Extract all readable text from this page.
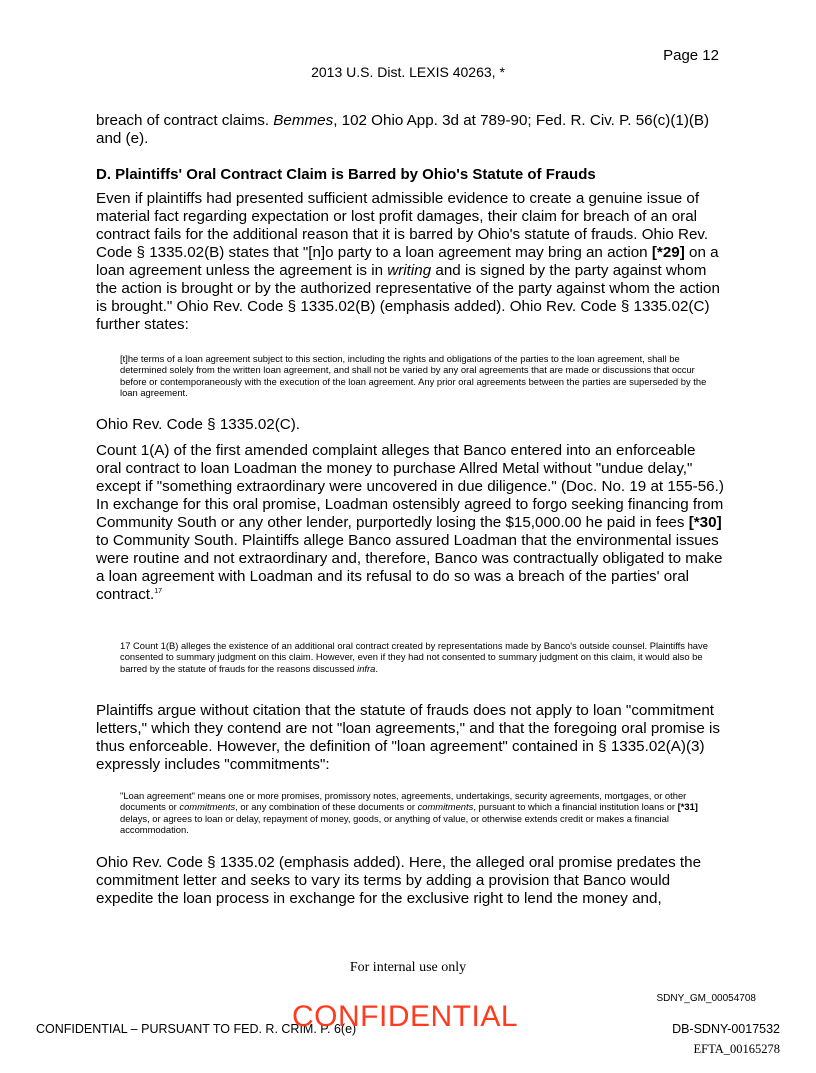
Page 12
2013 U.S. Dist. LEXIS 40263, *
breach of contract claims. Bemmes, 102 Ohio App. 3d at 789-90; Fed. R. Civ. P. 56(c)(1)(B) and (e).
D. Plaintiffs' Oral Contract Claim is Barred by Ohio's Statute of Frauds
Even if plaintiffs had presented sufficient admissible evidence to create a genuine issue of material fact regarding expectation or lost profit damages, their claim for breach of an oral contract fails for the additional reason that it is barred by Ohio's statute of frauds. Ohio Rev. Code § 1335.02(B) states that "[n]o party to a loan agreement may bring an action [*29] on a loan agreement unless the agreement is in writing and is signed by the party against whom the action is brought or by the authorized representative of the party against whom the action is brought." Ohio Rev. Code § 1335.02(B) (emphasis added). Ohio Rev. Code § 1335.02(C) further states:
[t]he terms of a loan agreement subject to this section, including the rights and obligations of the parties to the loan agreement, shall be determined solely from the written loan agreement, and shall not be varied by any oral agreements that are made or discussions that occur before or contemporaneously with the execution of the loan agreement. Any prior oral agreements between the parties are superseded by the loan agreement.
Ohio Rev. Code § 1335.02(C).
Count 1(A) of the first amended complaint alleges that Banco entered into an enforceable oral contract to loan Loadman the money to purchase Allred Metal without "undue delay," except if "something extraordinary were uncovered in due diligence." (Doc. No. 19 at 155-56.) In exchange for this oral promise, Loadman ostensibly agreed to forgo seeking financing from Community South or any other lender, purportedly losing the $15,000.00 he paid in fees [*30] to Community South. Plaintiffs allege Banco assured Loadman that the environmental issues were routine and not extraordinary and, therefore, Banco was contractually obligated to make a loan agreement with Loadman and its refusal to do so was a breach of the parties' oral contract.$^{17}$
17 Count 1(B) alleges the existence of an additional oral contract created by representations made by Banco's outside counsel. Plaintiffs have consented to summary judgment on this claim. However, even if they had not consented to summary judgment on this claim, it would also be barred by the statute of frauds for the reasons discussed infra.
Plaintiffs argue without citation that the statute of frauds does not apply to loan "commitment letters," which they contend are not "loan agreements," and that the foregoing oral promise is thus enforceable. However, the definition of "loan agreement" contained in § 1335.02(A)(3) expressly includes "commitments":
"Loan agreement" means one or more promises, promissory notes, agreements, undertakings, security agreements, mortgages, or other documents or commitments, or any combination of these documents or commitments, pursuant to which a financial institution loans or [*31] delays, or agrees to loan or delay, repayment of money, goods, or anything of value, or otherwise extends credit or makes a financial accommodation.
Ohio Rev. Code § 1335.02 (emphasis added). Here, the alleged oral promise predates the commitment letter and seeks to vary its terms by adding a provision that Banco would expedite the loan process in exchange for the exclusive right to lend the money and,
For internal use only
SDNY_GM_00054708
CONFIDENTIAL – PURSUANT TO FED. R. CRIM. P. 6(e)
CONFIDENTIAL	DB-SDNY-0017532
EFTA_00165278
